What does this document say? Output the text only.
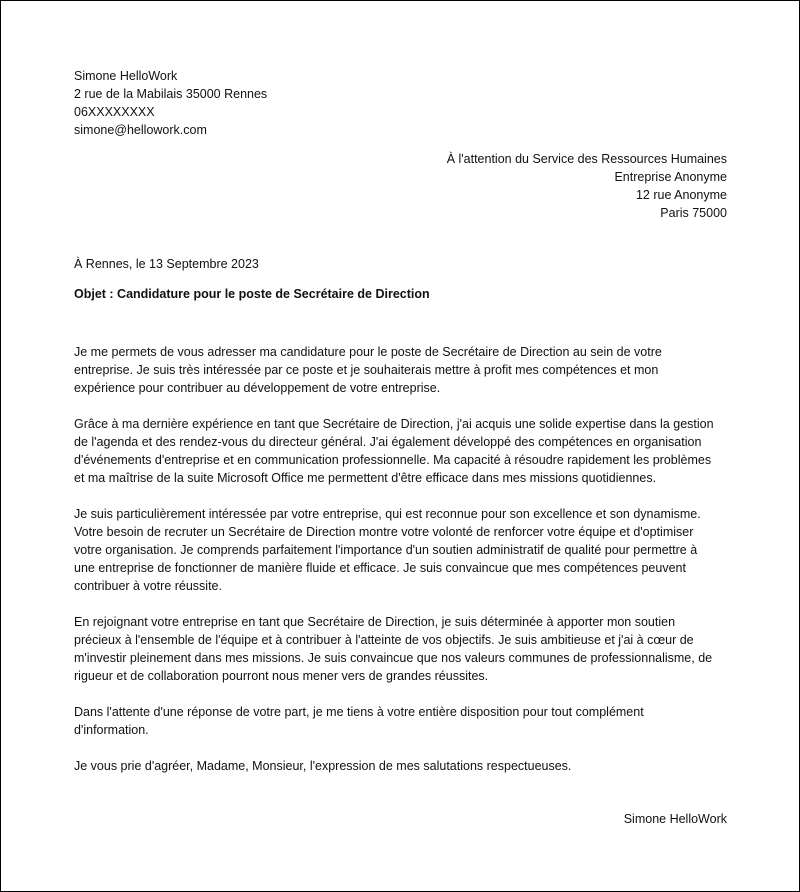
Simone HelloWork
2 rue de la Mabilais 35000 Rennes
06XXXXXXXX
simone@hellowork.com
À l'attention du Service des Ressources Humaines
Entreprise Anonyme
12 rue Anonyme
Paris 75000
À Rennes, le 13 Septembre 2023
Objet : Candidature pour le poste de Secrétaire de Direction
Je me permets de vous adresser ma candidature pour le poste de Secrétaire de Direction au sein de votre
entreprise. Je suis très intéressée par ce poste et je souhaiterais mettre à profit mes compétences et mon
expérience pour contribuer au développement de votre entreprise.
Grâce à ma dernière expérience en tant que Secrétaire de Direction, j'ai acquis une solide expertise dans la gestion
de l'agenda et des rendez-vous du directeur général. J'ai également développé des compétences en organisation
d'événements d'entreprise et en communication professionnelle. Ma capacité à résoudre rapidement les problèmes
et ma maîtrise de la suite Microsoft Office me permettent d'être efficace dans mes missions quotidiennes.
Je suis particulièrement intéressée par votre entreprise, qui est reconnue pour son excellence et son dynamisme.
Votre besoin de recruter un Secrétaire de Direction montre votre volonté de renforcer votre équipe et d'optimiser
votre organisation. Je comprends parfaitement l'importance d'un soutien administratif de qualité pour permettre à
une entreprise de fonctionner de manière fluide et efficace. Je suis convaincue que mes compétences peuvent
contribuer à votre réussite.
En rejoignant votre entreprise en tant que Secrétaire de Direction, je suis déterminée à apporter mon soutien
précieux à l'ensemble de l'équipe et à contribuer à l'atteinte de vos objectifs. Je suis ambitieuse et j'ai à cœur de
m'investir pleinement dans mes missions. Je suis convaincue que nos valeurs communes de professionnalisme, de
rigueur et de collaboration pourront nous mener vers de grandes réussites.
Dans l'attente d'une réponse de votre part, je me tiens à votre entière disposition pour tout complément
d'information.
Je vous prie d'agréer, Madame, Monsieur, l'expression de mes salutations respectueuses.
Simone HelloWork
